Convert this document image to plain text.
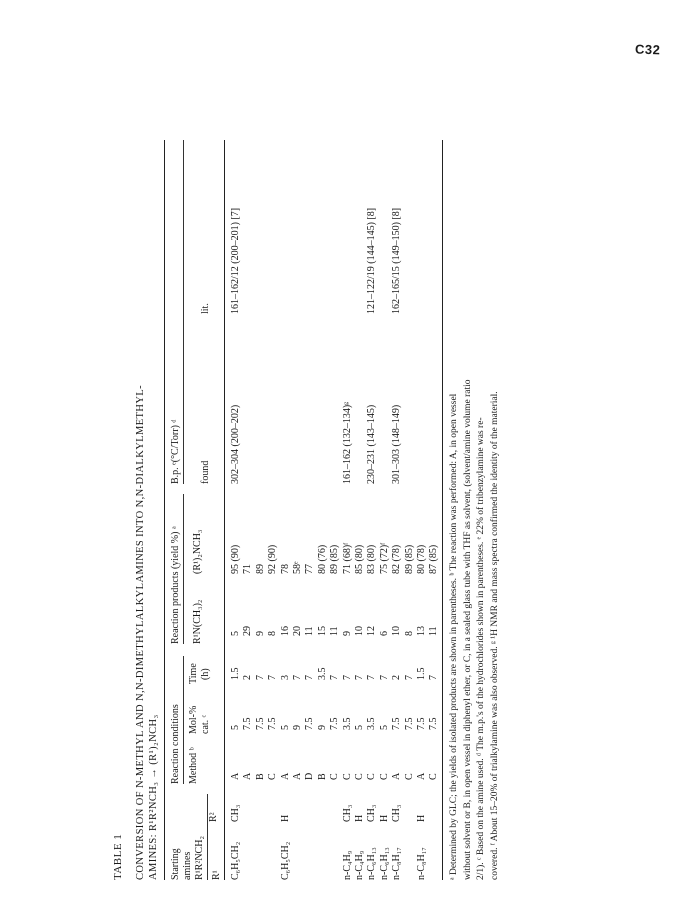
C32
TABLE 1 CONVERSION OF N-METHYL AND N,N-DIMETHYLALKYLAMINES INTO N,N-DIALKYLMETHYL- AMINES: R¹R²NCH₃ → (R¹)₂NCH₃ Starting amines R¹R²NCH₂ R¹
R²
Reaction conditions Method ᵇ
Mol-% cat. ᶜ
Time (h)
Reaction products (yield %) ᵃ R¹N(CH₃)₂
(R¹)₂NCH₃
B.p. ᵉ(°C/Torr) ᵈ found
lit.
C₆H₅CH₂
CH₃
A
5
1.5
5
95 (90)
302–304 (200–202)
161–162/12 (200–201) [7]
A
7.5
2
29
71
B
7.5
7
9
89
C
7.5
7
8
92 (90)
C₆H₅CH₂
H
A
5
3
16
78
A
9
7
20
58ᵉ
D
7.5
7
11
77
B
9
3.5
15
80 (76)
C
7.5
7
11
89 (85)
n-C₄H₉
CH₃
C
3.5
7
9
71 (68)ᶠ
161–162 (132–134)ᵍ
n-C₄H₉
H
C
5
7
10
85 (80)
n-C₆H₁₃
CH₃
C
3.5
7
12
83 (80)
230–231 (143–145)
121–122/19 (144–145) [8]
n-C₆H₁₃
H
C
5
7
6
75 (72)ᶠ
n-C₈H₁₇
CH₃
A
7.5
2
10
82 (78)
301–303 (148–149)
162–165/15 (149–150) [8]
C
7.5
7
8
89 (85)
n-C₈H₁₇
H
A
7.5
1.5
13
80 (78)
C
7.5
7
11
87 (85) ᵃ Determined by GLC; the yields of isolated products are shown in parentheses. ᵇ The reaction was performed: A, in open vessel without solvent or B, in open vessel in diphenyl ether, or C, in a sealed glass tube with THF as solvent, (solvent/amine volume ratio 2/1). ᶜ Based on the amine used. ᵈ The m.p.'s of the hydrochlorides shown in parentheses. ᵉ 22% of tribenzylamine was re- covered. ᶠ About 15–20% of trialkylamine was also observed. ᵍ ¹H NMR and mass spectra confirmed the identity of the material.
